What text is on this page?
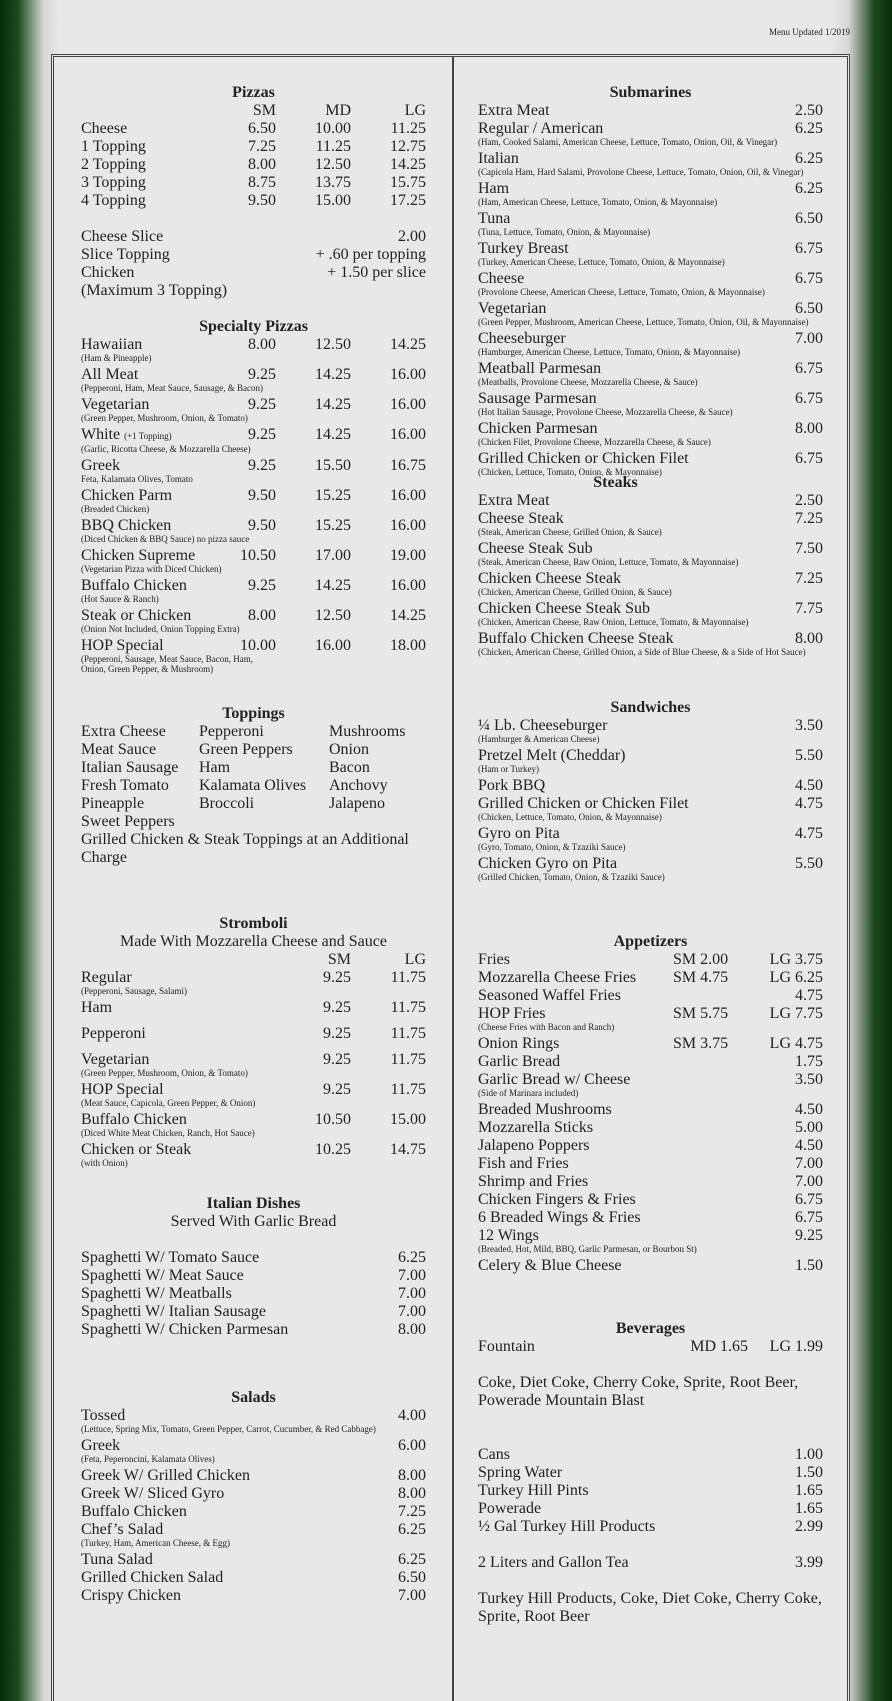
Menu Updated 1/2019
Pizzas
SM	MD	LG
Cheese	6.50	10.00	11.25
1 Topping	7.25	11.25	12.75
2 Topping	8.00	12.50	14.25
3 Topping	8.75	13.75	15.75
4 Topping	9.50	15.00	17.25
Cheese Slice	2.00
Slice Topping	+ .60 per topping
Chicken	+ 1.50 per slice
(Maximum 3 Topping)
Specialty Pizzas
Hawaiian	8.00	12.50	14.25
(Ham & Pineapple)
All Meat	9.25	14.25	16.00
(Pepperoni, Ham, Meat Sauce, Sausage, & Bacon)
Vegetarian	9.25	14.25	16.00
(Green Pepper, Mushroom, Onion, & Tomato)
White (+1 Topping)	9.25	14.25	16.00
(Garlic, Ricotta Cheese, & Mozzarella Cheese)
Greek	9.25	15.50	16.75
Feta, Kalamata Olives, Tomato
Chicken Parm	9.50	15.25	16.00
(Breaded Chicken)
BBQ Chicken	9.50	15.25	16.00
(Diced Chicken & BBQ Sauce) no pizza sauce
Chicken Supreme	10.50	17.00	19.00
(Vegetarian Pizza with Diced Chicken)
Buffalo Chicken	9.25	14.25	16.00
(Hot Sauce & Ranch)
Steak or Chicken	8.00	12.50	14.25
(Onion Not Included, Onion Topping Extra)
HOP Special	10.00	16.00	18.00
(Pepperoni, Sausage, Meat Sauce, Bacon, Ham,
Onion, Green Pepper, & Mushroom)
Toppings
Extra Cheese	Pepperoni	Mushrooms
Meat Sauce	Green Peppers	Onion
Italian Sausage	Ham	Bacon
Fresh Tomato	Kalamata Olives	Anchovy
Pineapple	Broccoli	Jalapeno
Sweet Peppers
Grilled Chicken & Steak Toppings at an Additional Charge
Stromboli
Made With Mozzarella Cheese and Sauce
SM	LG
Regular	9.25	11.75
(Pepperoni, Sausage, Salami)
Ham	9.25	11.75
Pepperoni	9.25	11.75
Vegetarian	9.25	11.75
(Green Pepper, Mushroom, Onion, & Tomato)
HOP Special	9.25	11.75
(Meat Sauce, Capicola, Green Pepper, & Onion)
Buffalo Chicken	10.50	15.00
(Diced White Meat Chicken, Ranch, Hot Sauce)
Chicken or Steak	10.25	14.75
(with Onion)
Italian Dishes
Served With Garlic Bread
Spaghetti W/ Tomato Sauce	6.25
Spaghetti W/ Meat Sauce	7.00
Spaghetti W/ Meatballs	7.00
Spaghetti W/ Italian Sausage	7.00
Spaghetti W/ Chicken Parmesan	8.00
Salads
Tossed	4.00
(Lettuce, Spring Mix, Tomato, Green Pepper, Carrot, Cucumber, & Red Cabbage)
Greek	6.00
(Feta, Peperoncini, Kalamata Olives)
Greek W/ Grilled Chicken	8.00
Greek W/ Sliced Gyro	8.00
Buffalo Chicken	7.25
Chef’s Salad	6.25
(Turkey, Ham, American Cheese, & Egg)
Tuna Salad	6.25
Grilled Chicken Salad	6.50
Crispy Chicken	7.00
Submarines
Extra Meat	2.50
Regular / American	6.25
(Ham, Cooked Salami, American Cheese, Lettuce, Tomato, Onion, Oil, & Vinegar)
Italian	6.25
(Capicola Ham, Hard Salami, Provolone Cheese, Lettuce, Tomato, Onion, Oil, & Vinegar)
Ham	6.25
(Ham, American Cheese, Lettuce, Tomato, Onion, & Mayonnaise)
Tuna	6.50
(Tuna, Lettuce, Tomato, Onion, & Mayonnaise)
Turkey Breast	6.75
(Turkey, American Cheese, Lettuce, Tomato, Onion, & Mayonnaise)
Cheese	6.75
(Provolone Cheese, American Cheese, Lettuce, Tomato, Onion, & Mayonnaise)
Vegetarian	6.50
(Green Pepper, Mushroom, American Cheese, Lettuce, Tomato, Onion, Oil, & Mayonnaise)
Cheeseburger	7.00
(Hamburger, American Cheese, Lettuce, Tomato, Onion, & Mayonnaise)
Meatball Parmesan	6.75
(Meatballs, Provolone Cheese, Mozzarella Cheese, & Sauce)
Sausage Parmesan	6.75
(Hot Italian Sausage, Provolone Cheese, Mozzarella Cheese, & Sauce)
Chicken Parmesan	8.00
(Chicken Filet, Provolone Cheese, Mozzarella Cheese, & Sauce)
Grilled Chicken or Chicken Filet	6.75
(Chicken, Lettuce, Tomato, Onion, & Mayonnaise)
Steaks
Extra Meat	2.50
Cheese Steak	7.25
(Steak, American Cheese, Grilled Onion, & Sauce)
Cheese Steak Sub	7.50
(Steak, American Cheese, Raw Onion, Lettuce, Tomato, & Mayonnaise)
Chicken Cheese Steak	7.25
(Chicken, American Cheese, Grilled Onion, & Sauce)
Chicken Cheese Steak Sub	7.75
(Chicken, American Cheese, Raw Onion, Lettuce, Tomato, & Mayonnaise)
Buffalo Chicken Cheese Steak	8.00
(Chicken, American Cheese, Grilled Onion, a Side of Blue Cheese, & a Side of Hot Sauce)
Sandwiches
¼ Lb. Cheeseburger	3.50
(Hamburger & American Cheese)
Pretzel Melt (Cheddar)	5.50
(Ham or Turkey)
Pork BBQ	4.50
Grilled Chicken or Chicken Filet	4.75
(Chicken, Lettuce, Tomato, Onion, & Mayonnaise)
Gyro on Pita	4.75
(Gyro, Tomato, Onion, & Tzaziki Sauce)
Chicken Gyro on Pita	5.50
(Grilled Chicken, Tomato, Onion, & Tzaziki Sauce)
Appetizers
Fries	SM 2.00	LG 3.75
Mozzarella Cheese Fries	SM 4.75	LG 6.25
Seasoned Waffel Fries	4.75
HOP Fries	SM 5.75	LG 7.75
(Cheese Fries with Bacon and Ranch)
Onion Rings	SM 3.75	LG 4.75
Garlic Bread	1.75
Garlic Bread w/ Cheese	3.50
(Side of Marinara included)
Breaded Mushrooms	4.50
Mozzarella Sticks	5.00
Jalapeno Poppers	4.50
Fish and Fries	7.00
Shrimp and Fries	7.00
Chicken Fingers & Fries	6.75
6 Breaded Wings & Fries	6.75
12 Wings	9.25
(Breaded, Hot, Mild, BBQ, Garlic Parmesan, or Bourbon St)
Celery & Blue Cheese	1.50
Beverages
Fountain	MD 1.65	LG 1.99
Coke, Diet Coke, Cherry Coke, Sprite, Root Beer, Powerade Mountain Blast
Cans	1.00
Spring Water	1.50
Turkey Hill Pints	1.65
Powerade	1.65
½ Gal Turkey Hill Products	2.99
2 Liters and Gallon Tea	3.99
Turkey Hill Products, Coke, Diet Coke, Cherry Coke, Sprite, Root Beer
